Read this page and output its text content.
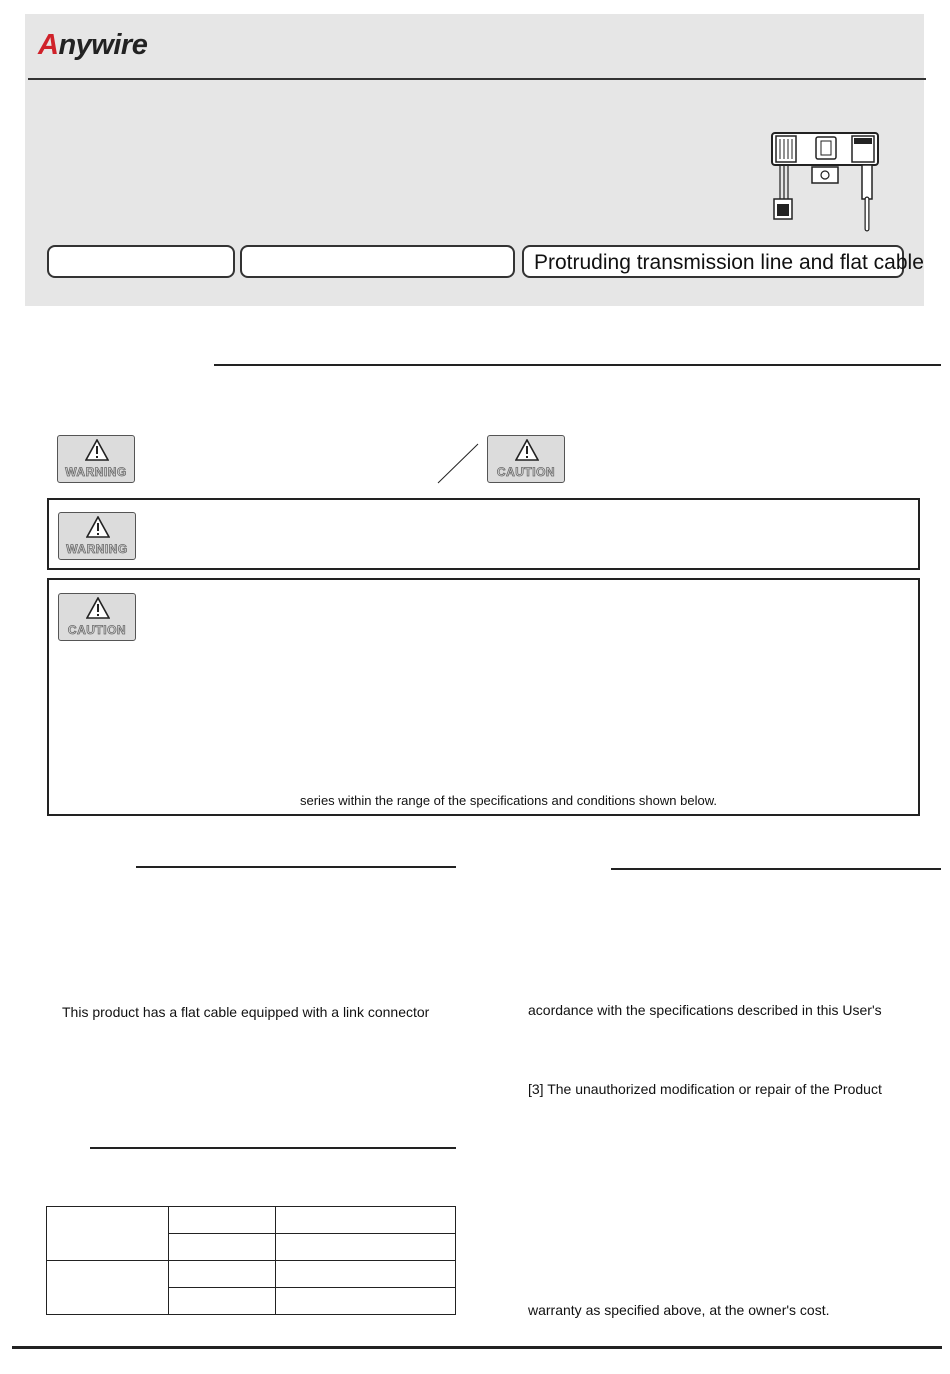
Anywire
Protruding transmission line and flat cable
WARNING	CAUTION
WARNING
CAUTION
series within the range of the specifications and conditions shown below.
This product has a flat cable equipped with a link connector

		acordance with the specifications described in this User's
[3] The unauthorized modification or repair of the Product
warranty as specified above, at the owner's cost.
